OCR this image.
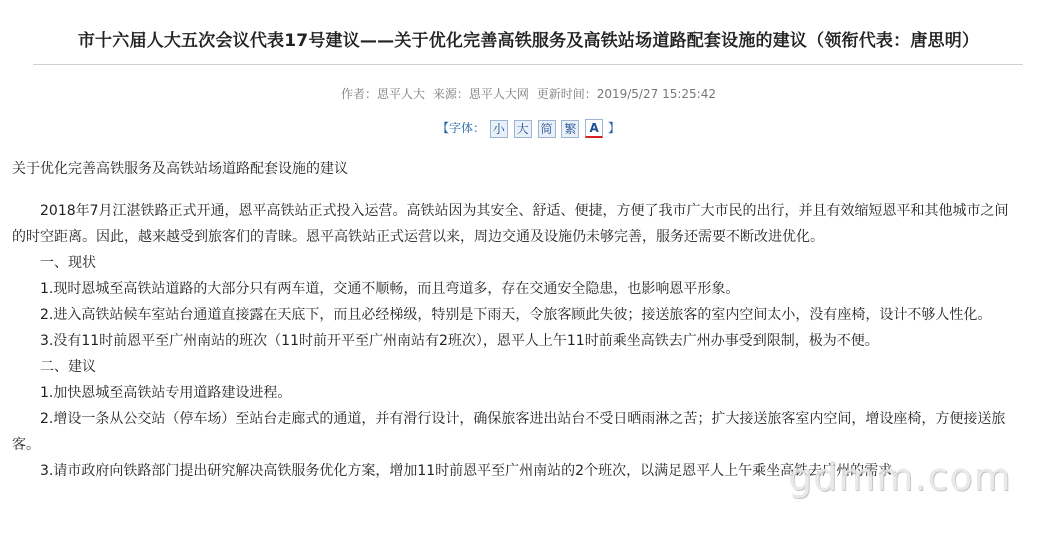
市十六届人大五次会议代表17号建议——关于优化完善高铁服务及高铁站场道路配套设施的建议（领衔代表：唐思明）
作者：恩平人大 来源：恩平人大网 更新时间：2019/5/27 15:25:42
【字体： 小 大 简 繁 A 】
关于优化完善高铁服务及高铁站场道路配套设施的建议

2018年7月江湛铁路正式开通，恩平高铁站正式投入运营。高铁站因为其安全、舒适、便捷，方便了我市广大市民的出行，并且有效缩短恩平和其他城市之间的时空距离。因此，越来越受到旅客们的青睐。恩平高铁站正式运营以来，周边交通及设施仍未够完善，服务还需要不断改进优化。

一、现状

1.现时恩城至高铁站道路的大部分只有两车道，交通不顺畅，而且弯道多，存在交通安全隐患，也影响恩平形象。

2.进入高铁站候车室站台通道直接露在天底下，而且必经梯级，特别是下雨天，令旅客顾此失彼；接送旅客的室内空间太小，没有座椅，设计不够人性化。

3.没有11时前恩平至广州南站的班次（11时前开平至广州南站有2班次），恩平人上午11时前乘坐高铁去广州办事受到限制，极为不便。

二、建议

1.加快恩城至高铁站专用道路建设进程。

2.增设一条从公交站（停车场）至站台走廊式的通道，并有滑行设计，确保旅客进出站台不受日晒雨淋之苦；扩大接送旅客室内空间，增设座椅，方便接送旅客。

3.请市政府向铁路部门提出研究解决高铁服务优化方案，增加11时前恩平至广州南站的2个班次，以满足恩平人上午乘坐高铁去广州的需求。

gdmm.com
